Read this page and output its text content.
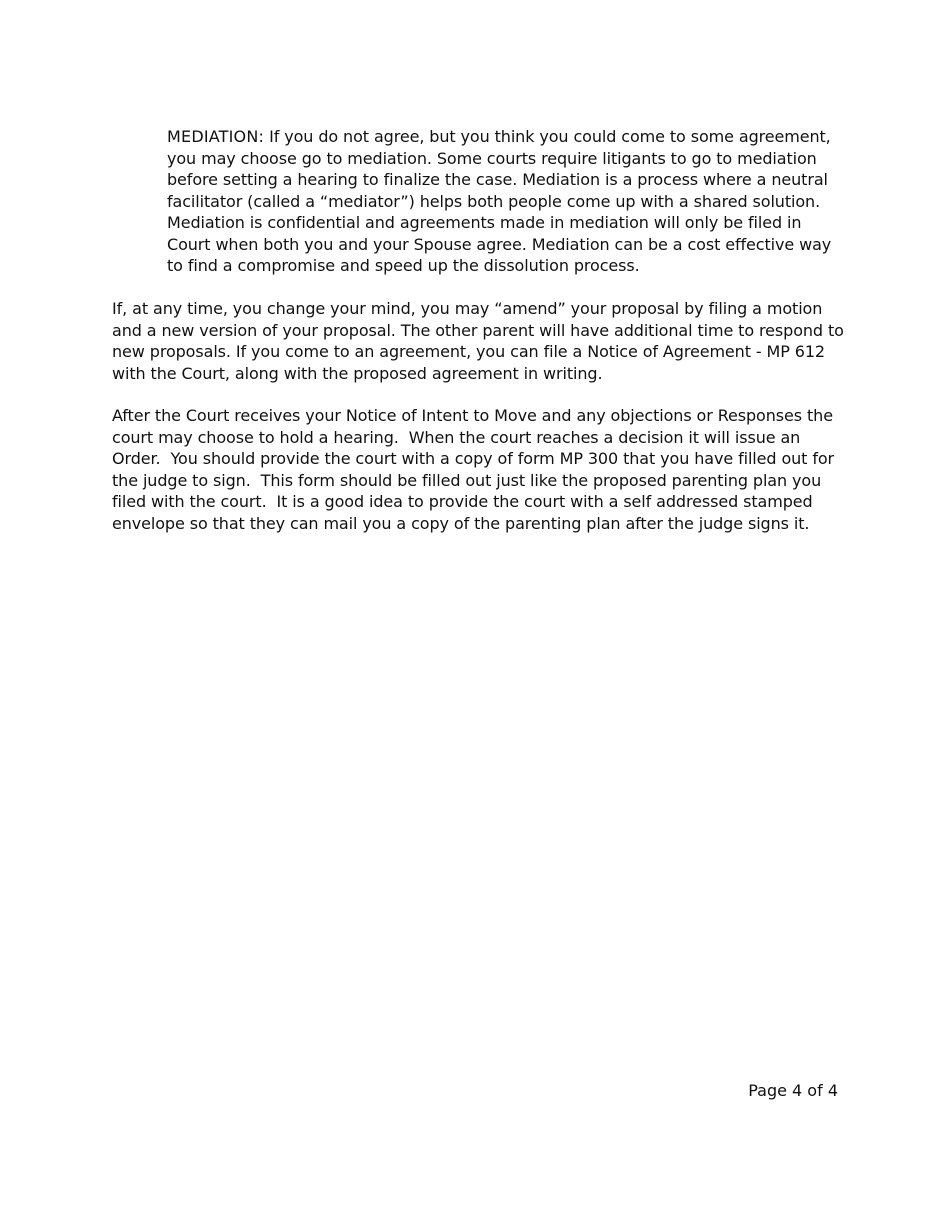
MEDIATION: If you do not agree, but you think you could come to some agreement, you may choose go to mediation. Some courts require litigants to go to mediation before setting a hearing to finalize the case. Mediation is a process where a neutral facilitator (called a “mediator”) helps both people come up with a shared solution. Mediation is confidential and agreements made in mediation will only be filed in Court when both you and your Spouse agree. Mediation can be a cost effective way to find a compromise and speed up the dissolution process.

If, at any time, you change your mind, you may “amend” your proposal by filing a motion and a new version of your proposal. The other parent will have additional time to respond to new proposals. If you come to an agreement, you can file a Notice of Agreement - MP 612 with the Court, along with the proposed agreement in writing.

After the Court receives your Notice of Intent to Move and any objections or Responses the court may choose to hold a hearing.  When the court reaches a decision it will issue an Order.  You should provide the court with a copy of form MP 300 that you have filled out for the judge to sign.  This form should be filled out just like the proposed parenting plan you filed with the court.  It is a good idea to provide the court with a self addressed stamped envelope so that they can mail you a copy of the parenting plan after the judge signs it.

Page 4 of 4
